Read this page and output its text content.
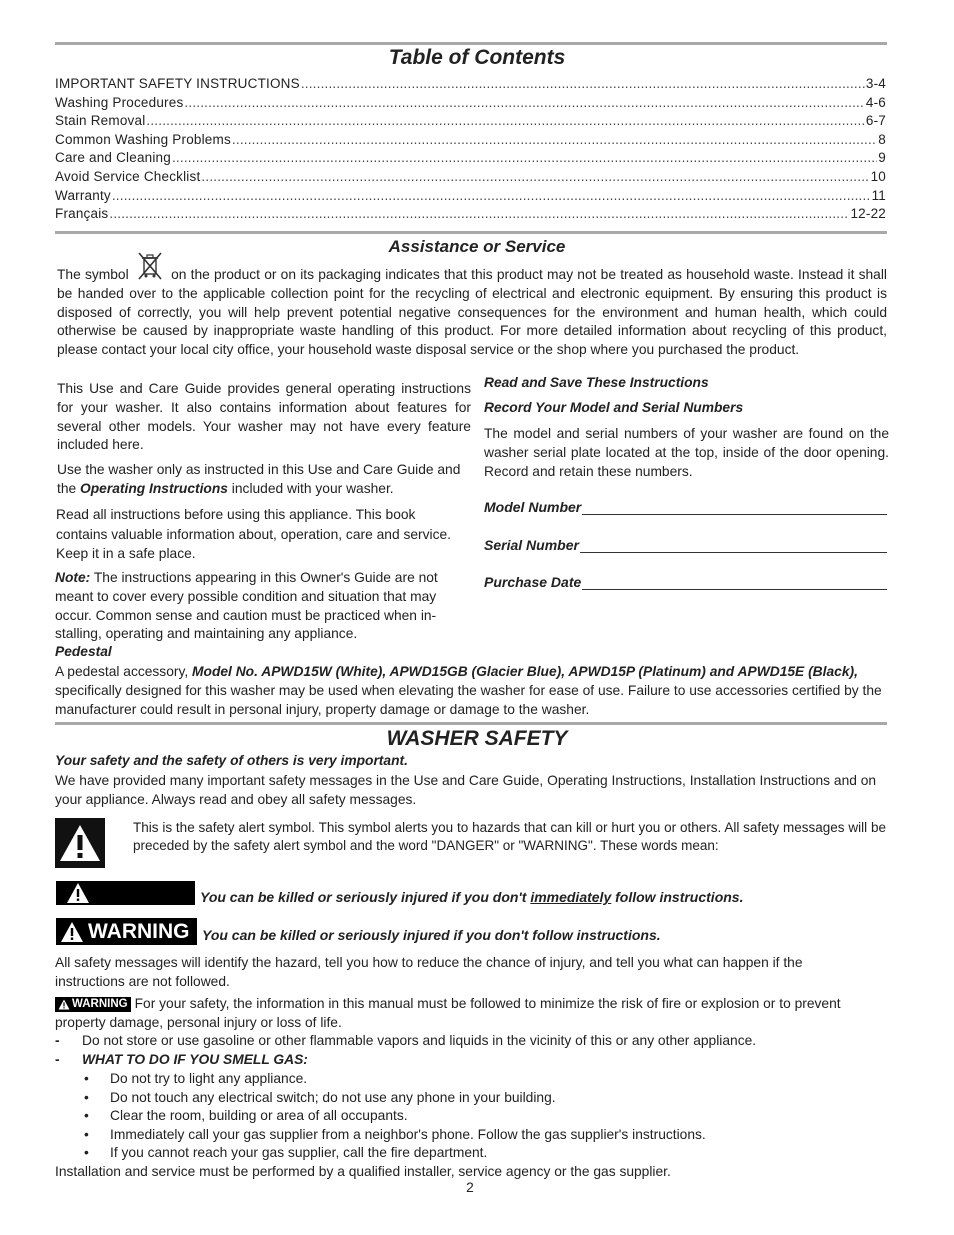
Table of Contents
IMPORTANT SAFETY INSTRUCTIONS .....	3-4
Washing Procedures .....	4-6
Stain Removal .....	6-7
Common Washing Problems .....	8
Care and Cleaning .....	9
Avoid Service Checklist .....	10
Warranty .....	11
Français .....	12-22
Assistance or Service
The symbol	on the product or on its packaging indicates that this product may not be treated as household waste. Instead it shall be handed over to the applicable collection point for the recycling of electrical and electronic equipment. By ensuring this product is disposed of correctly, you will help prevent potential negative consequences for the environment and human health, which could otherwise be caused by inappropriate waste handling of this product. For more detailed information about recycling of this product, please contact your local city office, your household waste disposal service or the shop where you purchased the product.
This Use and Care Guide provides general operating instructions for your washer. It also contains information about features for several other models. Your washer may not have every feature included here.
Use the washer only as instructed in this Use and Care Guide and the Operating Instructions included with your washer.
Read all instructions before using this appliance. This book contains valuable information about, operation, care and service. Keep it in a safe place.
Note: The instructions appearing in this Owner's Guide are not meant to cover every possible condition and situation that may occur. Common sense and caution must be practiced when in-stalling, operating and maintaining any appliance.
Read and Save These Instructions
Record Your Model and Serial Numbers
The model and serial numbers of your washer are found on the washer serial plate located at the top, inside of the door opening. Record and retain these numbers.
Model Number
Serial Number
Purchase Date
Pedestal
A pedestal accessory, Model No. APWD15W (White), APWD15GB (Glacier Blue), APWD15P (Platinum) and APWD15E (Black), specifically designed for this washer may be used when elevating the washer for ease of use. Failure to use accessories certified by the manufacturer could result in personal injury, property damage or damage to the washer.
WASHER SAFETY
Your safety and the safety of others is very important.
We have provided many important safety messages in the Use and Care Guide, Operating Instructions, Installation Instructions and on your appliance. Always read and obey all safety messages.
This is the safety alert symbol. This symbol alerts you to hazards that can kill or hurt you or others. All safety messages will be preceded by the safety alert symbol and the word "DANGER" or "WARNING". These words mean:
You can be killed or seriously injured if you don't immediately follow instructions.
WARNING You can be killed or seriously injured if you don't follow instructions.
All safety messages will identify the hazard, tell you how to reduce the chance of injury, and tell you what can happen if the instructions are not followed.
WARNING For your safety, the information in this manual must be followed to minimize the risk of fire or explosion or to prevent property damage, personal injury or loss of life.
- Do not store or use gasoline or other flammable vapors and liquids in the vicinity of this or any other appliance.
- WHAT TO DO IF YOU SMELL GAS:
•	Do not try to light any appliance.
•	Do not touch any electrical switch; do not use any phone in your building.
•	Clear the room, building or area of all occupants.
•	Immediately call your gas supplier from a neighbor's phone. Follow the gas supplier's instructions.
•	If you cannot reach your gas supplier, call the fire department.
Installation and service must be performed by a qualified installer, service agency or the gas supplier.
2
